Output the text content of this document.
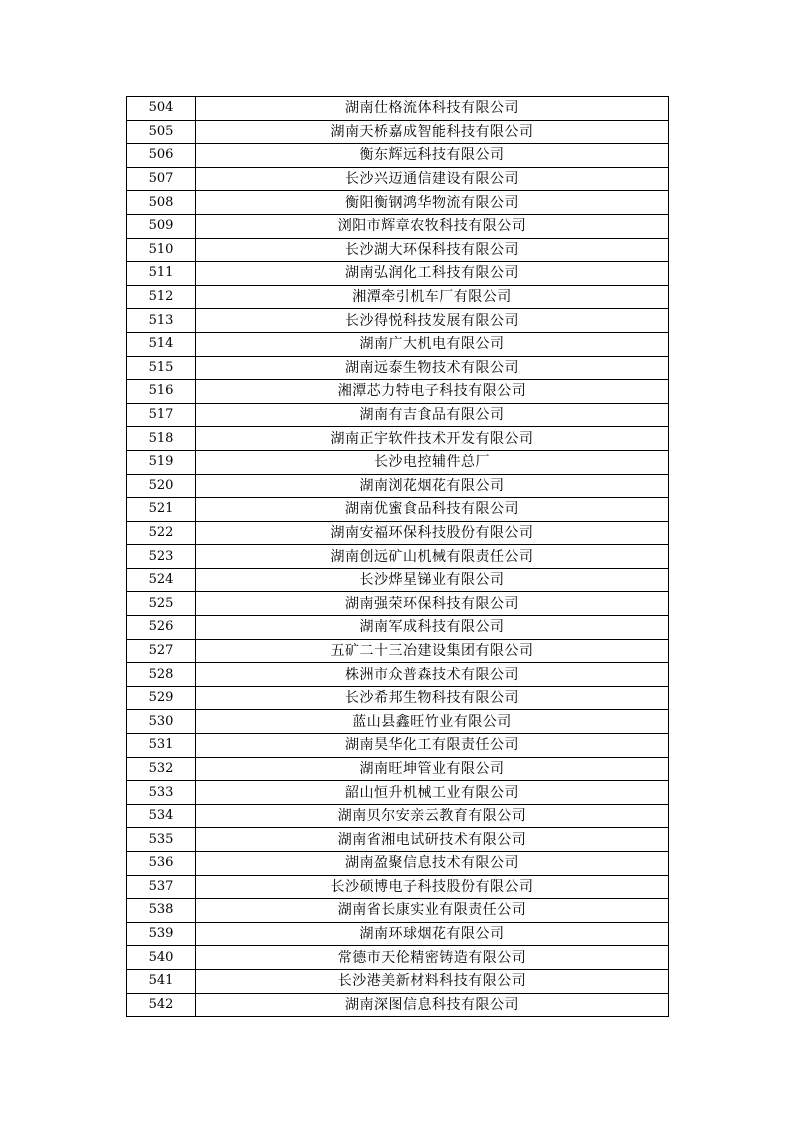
504	湖南仕格流体科技有限公司
505	湖南天桥嘉成智能科技有限公司
506	衡东辉远科技有限公司
507	长沙兴迈通信建设有限公司
508	衡阳衡钢鸿华物流有限公司
509	浏阳市辉章农牧科技有限公司
510	长沙湖大环保科技有限公司
511	湖南弘润化工科技有限公司
512	湘潭牵引机车厂有限公司
513	长沙得悦科技发展有限公司
514	湖南广大机电有限公司
515	湖南远泰生物技术有限公司
516	湘潭芯力特电子科技有限公司
517	湖南有吉食品有限公司
518	湖南正宇软件技术开发有限公司
519	长沙电控辅件总厂
520	湖南浏花烟花有限公司
521	湖南优蜜食品科技有限公司
522	湖南安福环保科技股份有限公司
523	湖南创远矿山机械有限责任公司
524	长沙烨星锑业有限公司
525	湖南强荣环保科技有限公司
526	湖南军成科技有限公司
527	五矿二十三冶建设集团有限公司
528	株洲市众普森技术有限公司
529	长沙希邦生物科技有限公司
530	蓝山县鑫旺竹业有限公司
531	湖南昊华化工有限责任公司
532	湖南旺坤管业有限公司
533	韶山恒升机械工业有限公司
534	湖南贝尔安亲云教育有限公司
535	湖南省湘电试研技术有限公司
536	湖南盈聚信息技术有限公司
537	长沙硕博电子科技股份有限公司
538	湖南省长康实业有限责任公司
539	湖南环球烟花有限公司
540	常德市天伦精密铸造有限公司
541	长沙港美新材料科技有限公司
542	湖南深图信息科技有限公司
